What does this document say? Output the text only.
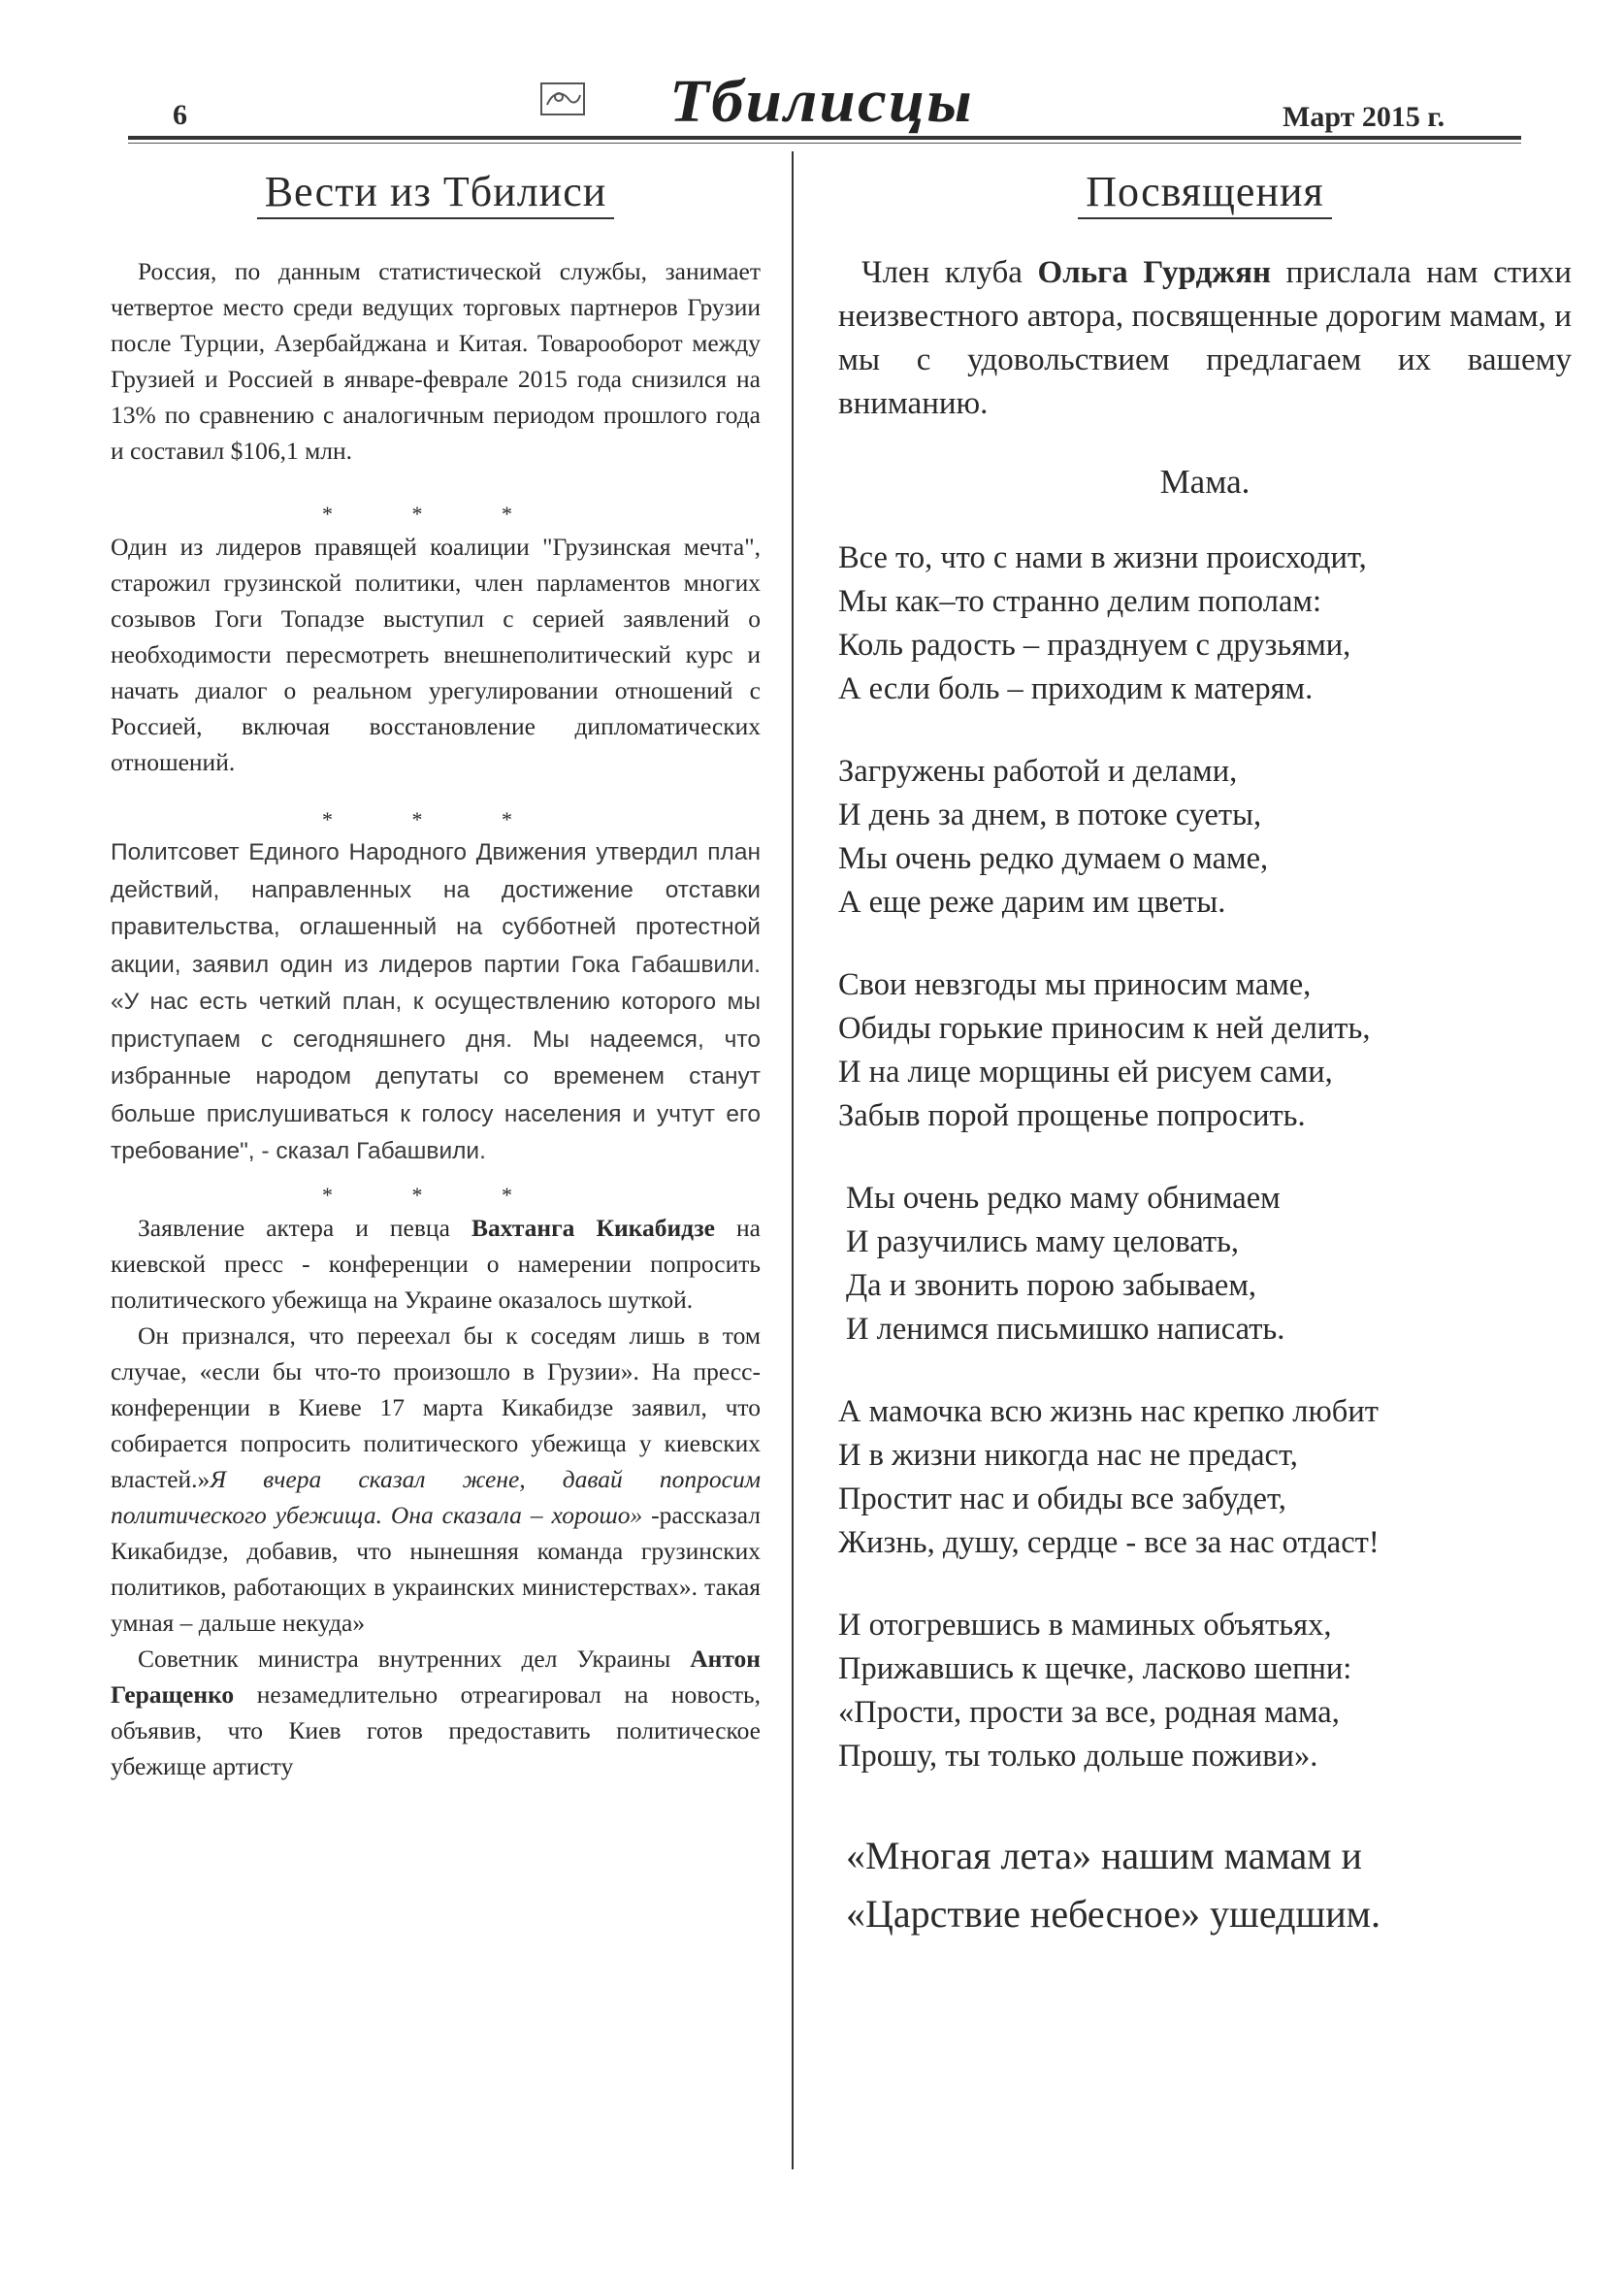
6	Тбилисцы	Март 2015 г.
Вести из Тбилиси

Россия, по данным статистической службы, занимает четвертое место среди ведущих торговых партнеров Грузии после Турции, Азербайджана и Китая. Товарооборот между Грузией и Россией в январе-феврале 2015 года снизился на 13% по сравнению с аналогичным периодом прошлого года и составил $106,1 млн.

* * *

Один из лидеров правящей коалиции "Грузинская мечта", старожил грузинской политики, член парламентов многих созывов Гоги Топадзе выступил с серией заявлений о необходимости пересмотреть внешнеполитический курс и начать диалог о реальном урегулировании отношений с Россией, включая восстановление дипломатических отношений.

* * *

Политсовет Единого Народного Движения утвердил план действий, направленных на достижение отставки правительства, оглашенный на субботней протестной акции, заявил один из лидеров партии Гока Габашвили. «У нас есть четкий план, к осуществлению которого мы приступаем с сегодняшнего дня. Мы надеемся, что избранные народом депутаты со временем станут больше прислушиваться к голосу населения и учтут его требование", - сказал Габашвили.

* * *

Заявление актера и певца Вахтанга Кикабидзе на киевской пресс - конференции о намерении попросить политического убежища на Украине оказалось шуткой.

Он признался, что переехал бы к соседям лишь в том случае, «если бы что-то произошло в Грузии». На пресс-конференции в Киеве 17 марта Кикабидзе заявил, что собирается попросить политического убежища у киевских властей.»Я вчера сказал жене, давай попросим политического убежища. Она сказала – хорошо» -рассказал Кикабидзе, добавив, что нынешняя команда грузинских политиков, работающих в украинских министерствах». такая умная – дальше некуда»

Советник министра внутренних дел Украины Антон Геращенко незамедлительно отреагировал на новость, объявив, что Киев готов предоставить политическое убежище артисту

Посвящения
Член клуба Ольга Гурджян прислала нам стихи неизвестного автора, посвященные дорогим мамам, и мы с удовольствием предлагаем их вашему вниманию.
Мама.
Все то, что с нами в жизни происходит,
Мы как–то странно делим пополам:
Коль радость – празднуем с друзьями,
А если боль – приходим к матерям.
Загружены работой и делами,
И день за днем, в потоке суеты,
Мы очень редко думаем о маме,
А еще реже дарим им цветы.
Свои невзгоды мы приносим маме,
Обиды горькие приносим к ней делить,
И на лице морщины ей рисуем сами,
Забыв порой прощенье попросить.
Мы очень редко маму обнимаем
И разучились маму целовать,
Да и звонить порою забываем,
И ленимся письмишко написать.
А мамочка всю жизнь нас крепко любит
И в жизни никогда нас не предаст,
Простит нас и обиды все забудет,
Жизнь, душу, сердце - все за нас отдаст!
И отогревшись в маминых объятьях,
Прижавшись к щечке, ласково шепни:
«Прости, прости за все, родная мама,
Прошу, ты только дольше поживи».
«Многая лета» нашим мамам и
«Царствие небесное» ушедшим.
